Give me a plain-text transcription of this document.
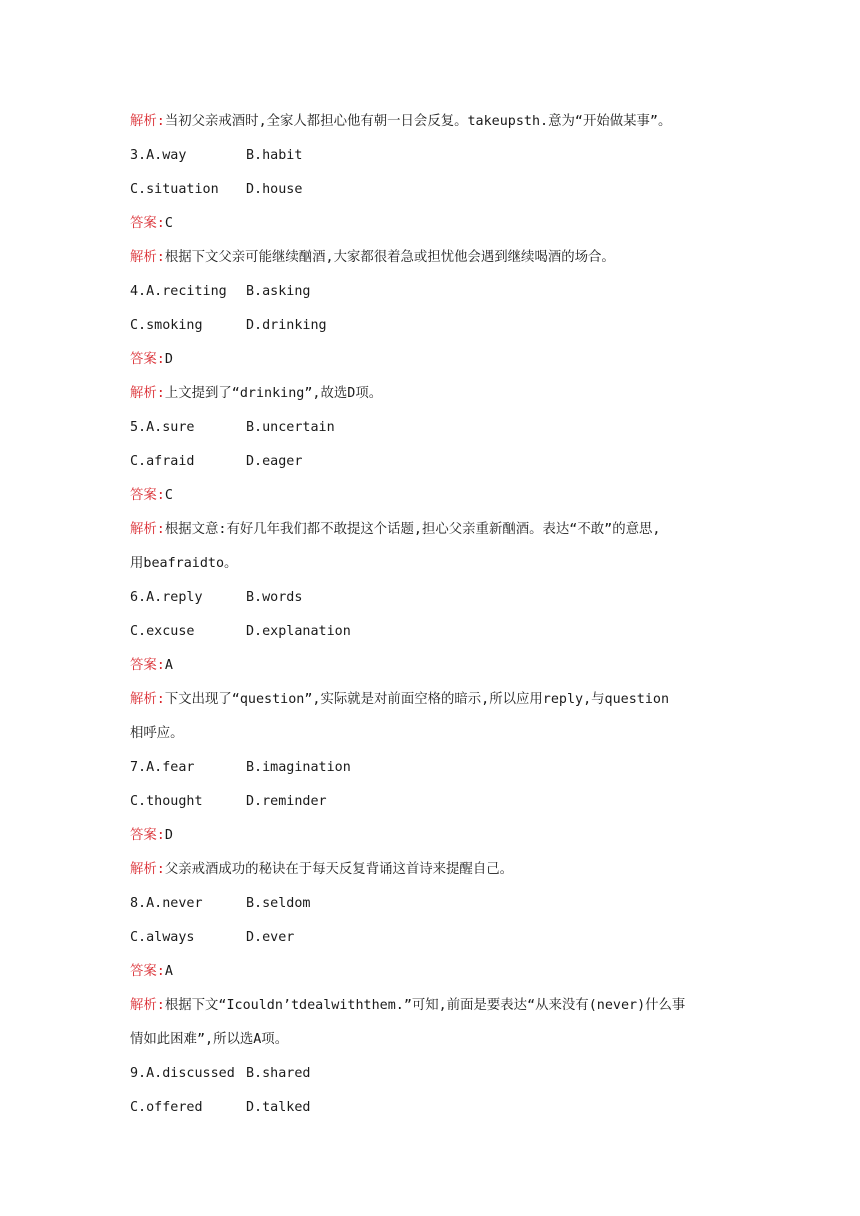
解析:当初父亲戒酒时,全家人都担心他有朝一日会反复。takeupsth.意为“开始做某事”。
3.A.way	B.habit
C.situation D.house
答案:C
解析:根据下文父亲可能继续酗酒,大家都很着急或担忧他会遇到继续喝酒的场合。
4.A.reciting B.asking
C.smoking	D.drinking
答案:D
解析:上文提到了“drinking”,故选D项。
5.A.sure	B.uncertain
C.afraid	D.eager
答案:C
解析:根据文意:有好几年我们都不敢提这个话题,担心父亲重新酗酒。表达“不敢”的意思,
用beafraidto。
6.A.reply	B.words
C.excuse	D.explanation
答案:A
解析:下文出现了“question”,实际就是对前面空格的暗示,所以应用reply,与question
相呼应。
7.A.fear	B.imagination
C.thought	D.reminder
答案:D
解析:父亲戒酒成功的秘诀在于每天反复背诵这首诗来提醒自己。
8.A.never	B.seldom
C.always	D.ever
答案:A
解析:根据下文“Icouldn’tdealwiththem.”可知,前面是要表达“从来没有(never)什么事
情如此困难”,所以选A项。
9.A.discussed B.shared
C.offered	D.talked
